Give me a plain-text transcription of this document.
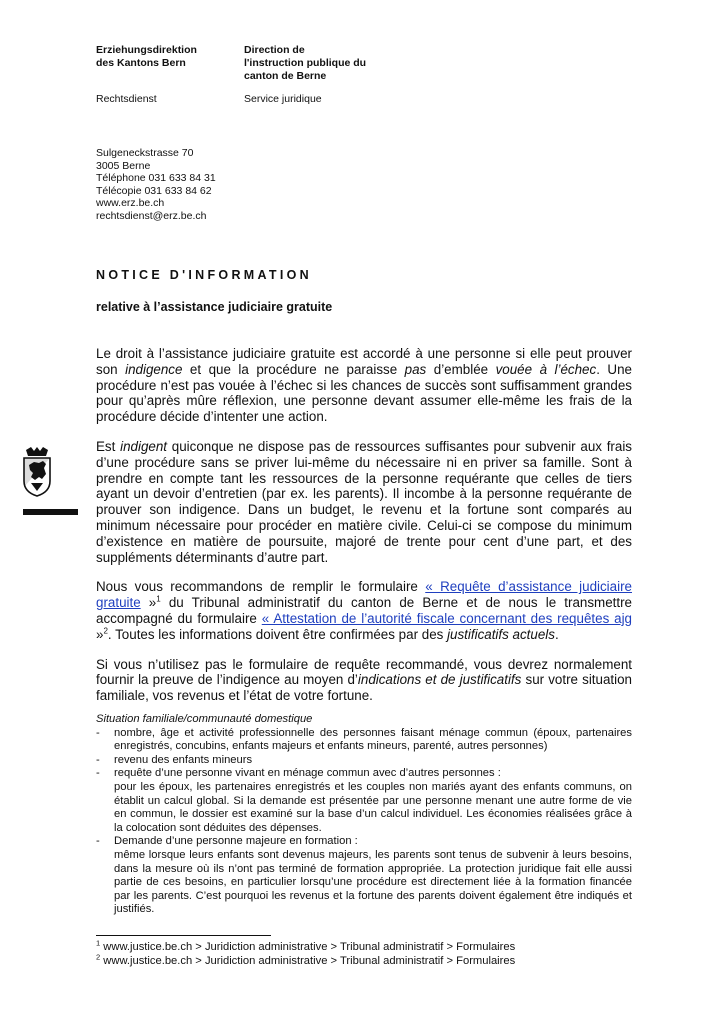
Erziehungsdirektion
des Kantons Bern
Direction de
l'instruction publique du
canton de Berne
Rechtsdienst	Service juridique
Sulgeneckstrasse 70
3005 Berne
Téléphone 031 633 84 31
Télécopie 031 633 84 62
www.erz.be.ch
rechtsdienst@erz.be.ch
NOTICE D'INFORMATION
relative à l’assistance judiciaire gratuite

Le droit à l’assistance judiciaire gratuite est accordé à une personne si elle peut prouver son indigence et que la procédure ne paraisse pas d’emblée vouée à l’échec. Une procédure n’est pas vouée à l’échec si les chances de succès sont suffisamment grandes pour qu’après mûre réflexion, une personne devant assumer elle-même les frais de la procédure décide d’intenter une action.

Est indigent quiconque ne dispose pas de ressources suffisantes pour subvenir aux frais d’une procédure sans se priver lui-même du nécessaire ni en priver sa famille. Sont à prendre en compte tant les ressources de la personne requérante que celles de tiers ayant un devoir d’entretien (par ex. les parents). Il incombe à la personne requérante de prouver son indigence. Dans un budget, le revenu et la fortune sont comparés au minimum nécessaire pour procéder en matière civile. Celui-ci se compose du minimum d’existence en matière de poursuite, majoré de trente pour cent d’une part, et des suppléments déterminants d’autre part.

Nous vous recommandons de remplir le formulaire « Requête d’assistance judiciaire gratuite »$^1$ du Tribunal administratif du canton de Berne et de nous le transmettre accompagné du formulaire « Attestation de l’autorité fiscale concernant des requêtes ajg »$^2$. Toutes les informations doivent être confirmées par des justificatifs actuels.

Si vous n’utilisez pas le formulaire de requête recommandé, vous devrez normalement fournir la preuve de l’indigence au moyen d’indications et de justificatifs sur votre situation familiale, vos revenus et l’état de votre fortune.

Situation familiale/communauté domestique
- nombre, âge et activité professionnelle des personnes faisant ménage commun (époux, partenaires enregistrés, concubins, enfants majeurs et enfants mineurs, parenté, autres personnes)
- revenu des enfants mineurs
- requête d’une personne vivant en ménage commun avec d’autres personnes :
pour les époux, les partenaires enregistrés et les couples non mariés ayant des enfants communs, on établit un calcul global. Si la demande est présentée par une personne menant une autre forme de vie en commun, le dossier est examiné sur la base d’un calcul individuel. Les économies réalisées grâce à la colocation sont déduites des dépenses.
- Demande d’une personne majeure en formation :
même lorsque leurs enfants sont devenus majeurs, les parents sont tenus de subvenir à leurs besoins, dans la mesure où ils n’ont pas terminé de formation appropriée. La protection juridique fait elle aussi partie de ces besoins, en particulier lorsqu’une procédure est directement liée à la formation financée par les parents. C’est pourquoi les revenus et la fortune des parents doivent également être indiqués et justifiés.
$^1$ www.justice.be.ch > Juridiction administrative > Tribunal administratif > Formulaires
$^2$ www.justice.be.ch > Juridiction administrative > Tribunal administratif > Formulaires
